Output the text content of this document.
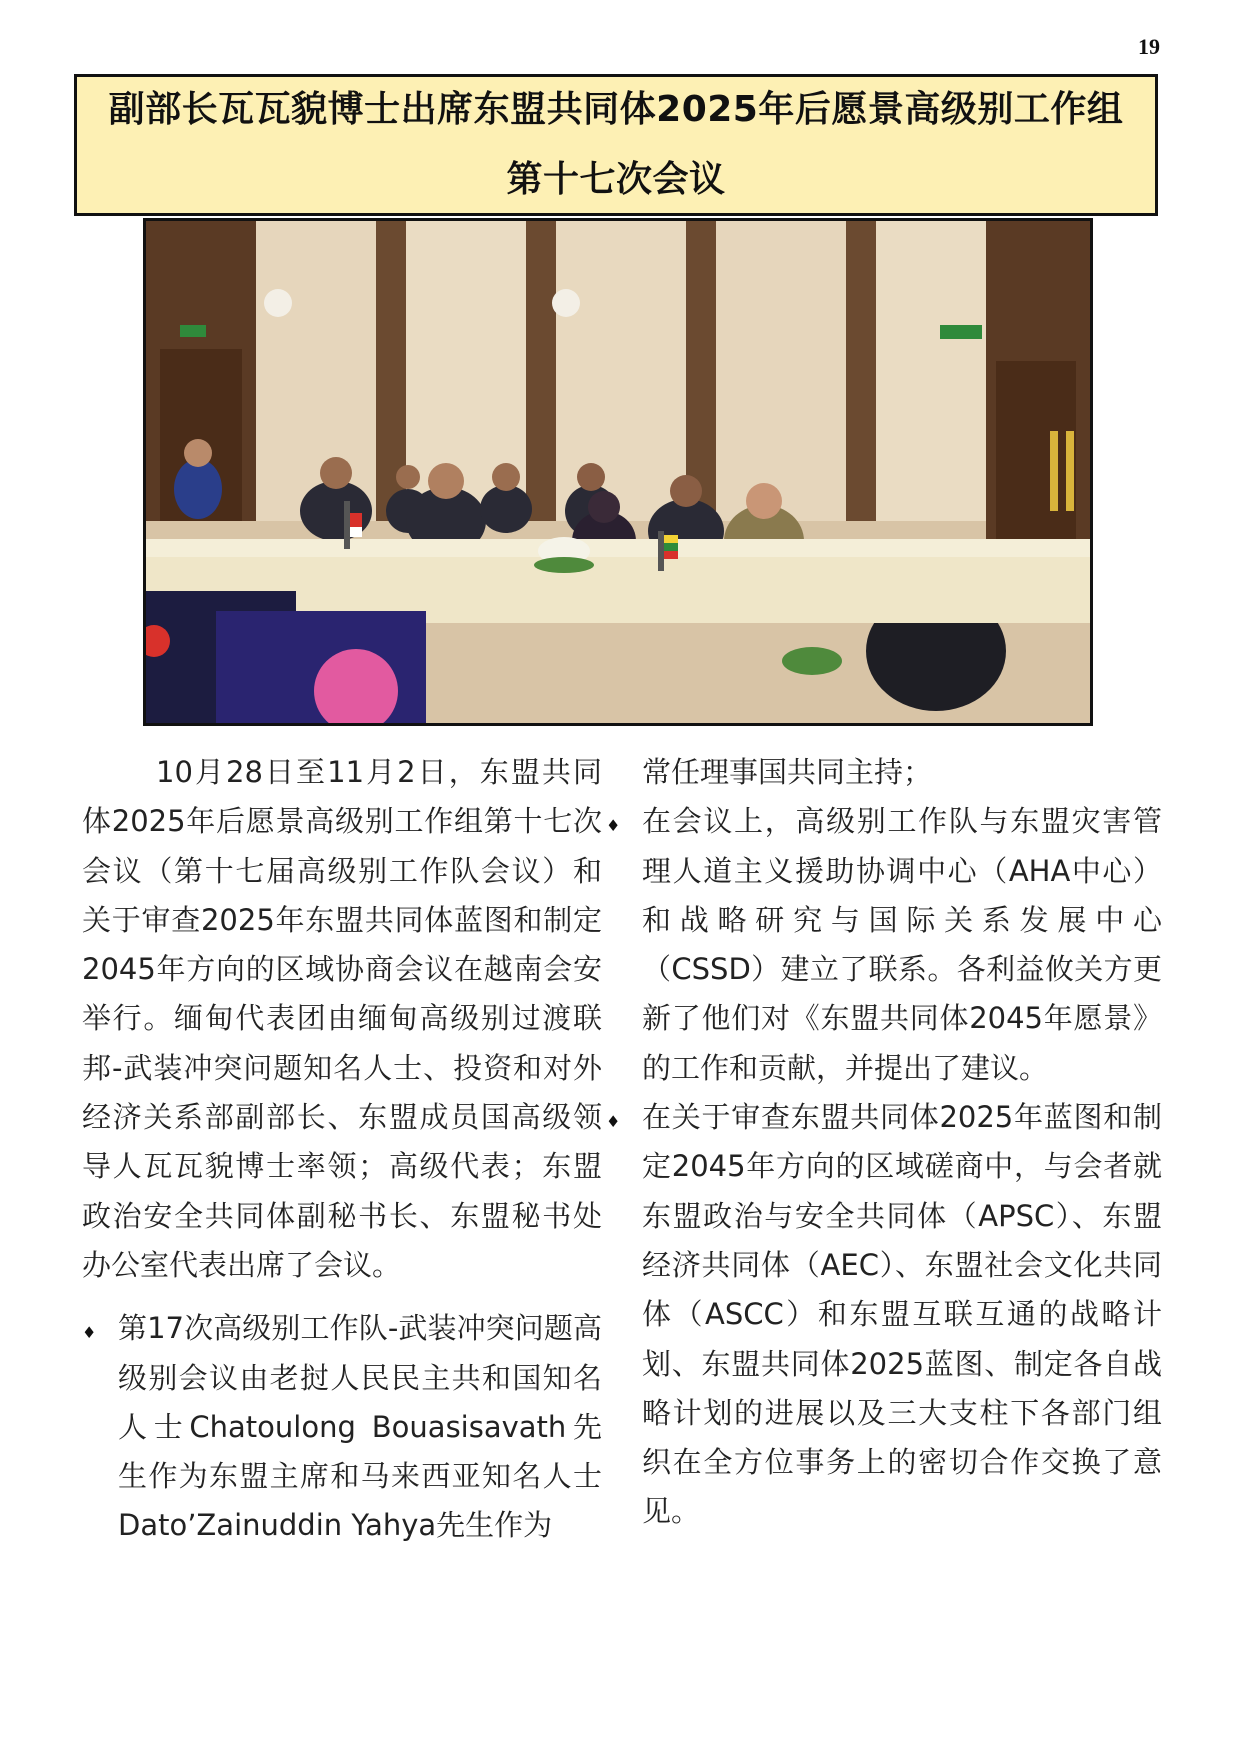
19
副部长瓦瓦貌博士出席东盟共同体2025年后愿景高级别工作组第十七次会议

10月28日至11月2日，东盟共同体2025年后愿景高级别工作组第十七次会议（第十七届高级别工作队会议）和关于审查2025年东盟共同体蓝图和制定2045年方向的区域协商会议在越南会安举行。缅甸代表团由缅甸高级别过渡联邦-武装冲突问题知名人士、投资和对外经济关系部副部长、东盟成员国高级领导人瓦瓦貌博士率领；高级代表；东盟政治安全共同体副秘书长、东盟秘书处办公室代表出席了会议。

♦ 第17次高级别工作队-武装冲突问题高级别会议由老挝人民民主共和国知名人士Chatoulong Bouasisavath先生作为东盟主席和马来西亚知名人士Dato’Zainuddin Yahya先生作为

常任理事国共同主持；

♦ 在会议上，高级别工作队与东盟灾害管理人道主义援助协调中心（AHA中心）和战略研究与国际关系发展中心（CSSD）建立了联系。各利益攸关方更新了他们对《东盟共同体2045年愿景》的工作和贡献，并提出了建议。
♦ 在关于审查东盟共同体2025年蓝图和制定2045年方向的区域磋商中，与会者就东盟政治与安全共同体（APSC）、东盟经济共同体（AEC）、东盟社会文化共同体（ASCC）和东盟互联互通的战略计划、东盟共同体2025蓝图、制定各自战略计划的进展以及三大支柱下各部门组织在全方位事务上的密切合作交换了意见。
